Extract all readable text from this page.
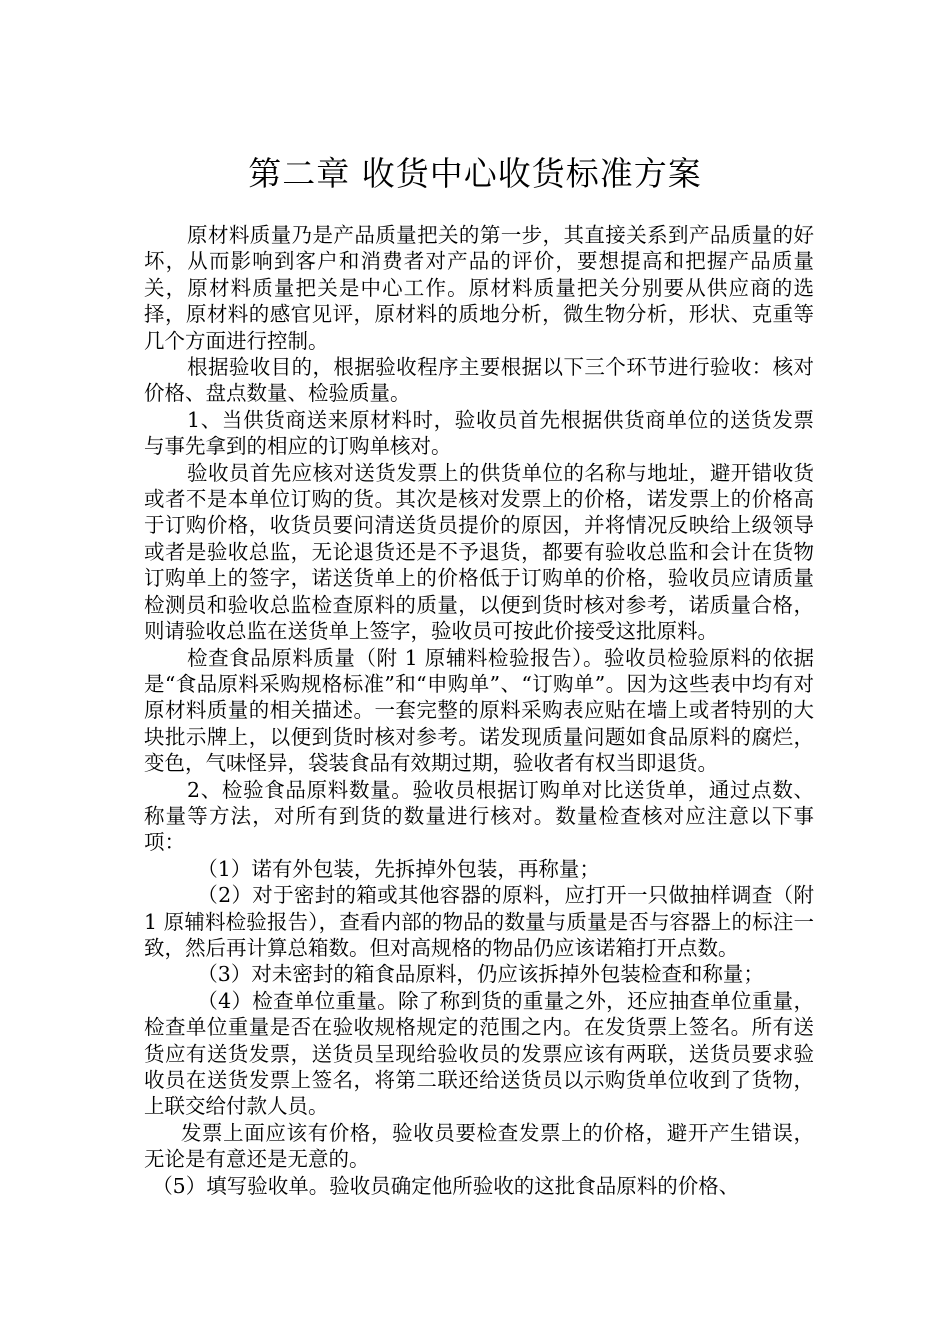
第二章 收货中心收货标准方案

原材料质量乃是产品质量把关的第一步，其直接关系到产品质量的好坏，从而影响到客户和消费者对产品的评价，要想提高和把握产品质量关，原材料质量把关是中心工作。原材料质量把关分别要从供应商的选择，原材料的感官见评，原材料的质地分析，微生物分析，形状、克重等几个方面进行控制。

根据验收目的，根据验收程序主要根据以下三个环节进行验收：核对价格、盘点数量、检验质量。

1、当供货商送来原材料时，验收员首先根据供货商单位的送货发票与事先拿到的相应的订购单核对。

验收员首先应核对送货发票上的供货单位的名称与地址，避开错收货或者不是本单位订购的货。其次是核对发票上的价格，诺发票上的价格高于订购价格，收货员要问清送货员提价的原因，并将情况反映给上级领导或者是验收总监，无论退货还是不予退货，都要有验收总监和会计在货物订购单上的签字，诺送货单上的价格低于订购单的价格，验收员应请质量检测员和验收总监检查原料的质量，以便到货时核对参考，诺质量合格，则请验收总监在送货单上签字，验收员可按此价接受这批原料。

检查食品原料质量（附 1 原辅料检验报告）。验收员检验原料的依据是“食品原料采购规格标准”和“申购单”、“订购单”。因为这些表中均有对原材料质量的相关描述。一套完整的原料采购表应贴在墙上或者特别的大块批示牌上，以便到货时核对参考。诺发现质量问题如食品原料的腐烂，变色，气味怪异，袋装食品有效期过期，验收者有权当即退货。

2、检验食品原料数量。验收员根据订购单对比送货单，通过点数、称量等方法，对所有到货的数量进行核对。数量检查核对应注意以下事项：

（1）诺有外包装，先拆掉外包装，再称量；

（2）对于密封的箱或其他容器的原料，应打开一只做抽样调查（附 1 原辅料检验报告），查看内部的物品的数量与质量是否与容器上的标注一致，然后再计算总箱数。但对高规格的物品仍应该诺箱打开点数。

（3）对未密封的箱食品原料，仍应该拆掉外包装检查和称量；

（4）检查单位重量。除了称到货的重量之外，还应抽查单位重量，检查单位重量是否在验收规格规定的范围之内。在发货票上签名。所有送货应有送货发票，送货员呈现给验收员的发票应该有两联，送货员要求验收员在送货发票上签名，将第二联还给送货员以示购货单位收到了货物，上联交给付款人员。

发票上面应该有价格，验收员要检查发票上的价格，避开产生错误，无论是有意还是无意的。

（5）填写验收单。验收员确定他所验收的这批食品原料的价格、
